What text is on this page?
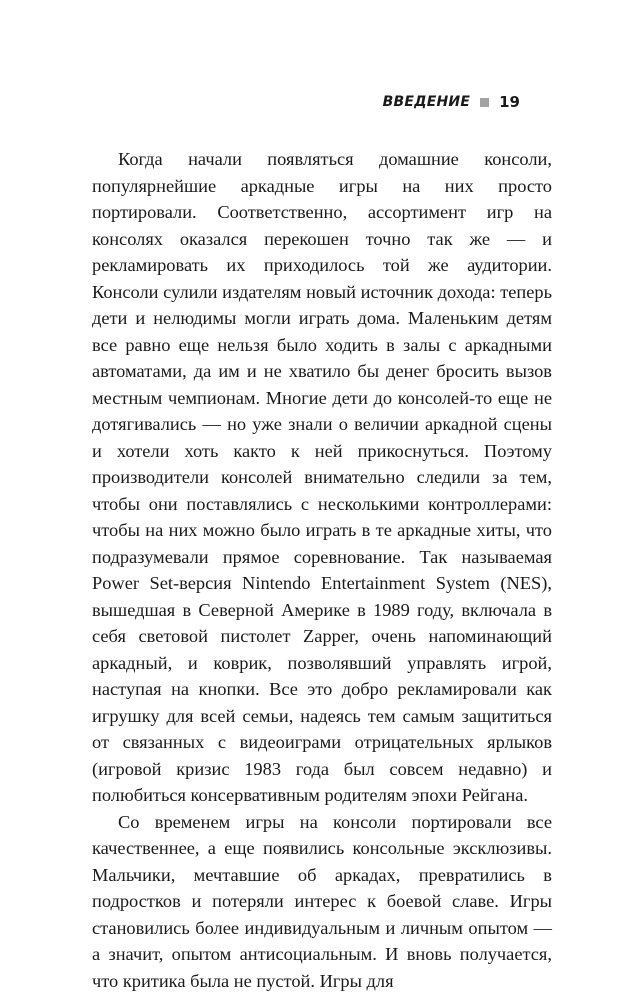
ВВЕДЕНИЕ 19

Когда начали появляться домашние консоли, популярнейшие аркадные игры на них просто портировали. Соответственно, ассортимент игр на консолях оказался перекошен точно так же — и рекламировать их приходилось той же аудитории. Консоли сулили издателям новый источник дохода: теперь дети и нелюдимы могли играть дома. Маленьким детям все равно еще нельзя было ходить в залы с аркадными автоматами, да им и не хватило бы денег бросить вызов местным чемпионам. Многие дети до консолей-то еще не дотягивались — но уже знали о величии аркадной сцены и хотели хоть както к ней прикоснуться. Поэтому производители консолей внимательно следили за тем, чтобы они поставлялись с несколькими контроллерами: чтобы на них можно было играть в те аркадные хиты, что подразумевали прямое соревнование. Так называемая Power Set-версия Nintendo Entertainment System (NES), вышедшая в Северной Америке в 1989 году, включала в себя световой пистолет Zapper, очень напоминающий аркадный, и коврик, позволявший управлять игрой, наступая на кнопки. Все это добро рекламировали как игрушку для всей семьи, надеясь тем самым защититься от связанных с видеоиграми отрицательных ярлыков (игровой кризис 1983 года был совсем недавно) и полюбиться консервативным родителям эпохи Рейгана.

Со временем игры на консоли портировали все качественнее, а еще появились консольные эксклюзивы. Мальчики, мечтавшие об аркадах, превратились в подростков и потеряли интерес к боевой славе. Игры становились более индивидуальным и личным опытом — а значит, опытом антисоциальным. И вновь получается, что критика была не пустой. Игры для
